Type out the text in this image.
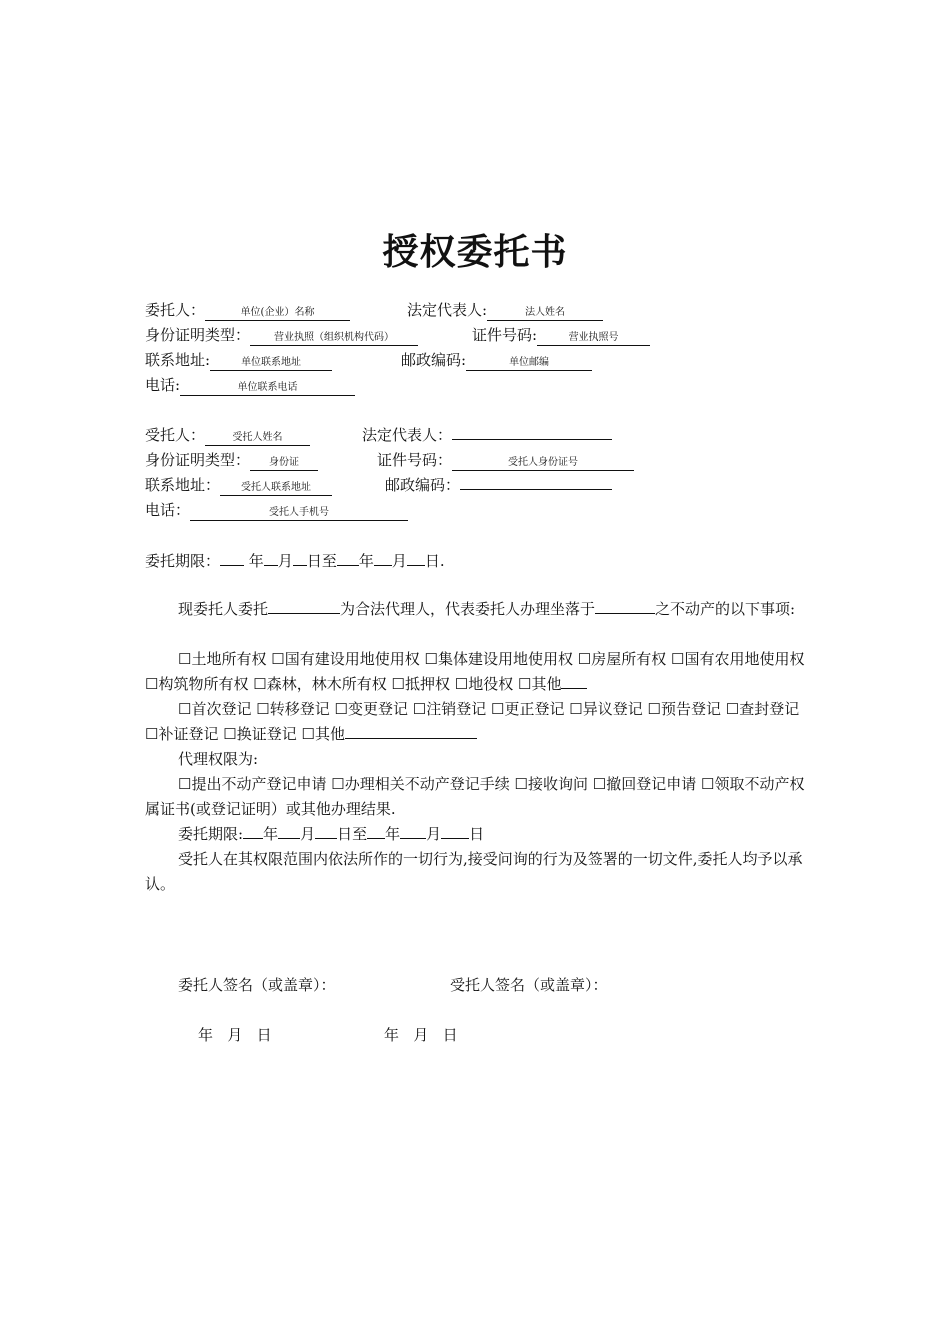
授权委托书
委托人：	单位(企业）名称	法定代表人:	法人姓名
身份证明类型： 营业执照（组织机构代码）	证件号码:	营业执照号
联系地址:	单位联系地址	邮政编码:	单位邮编
电话:	单位联系电话
受托人：	受托人姓名	法定代表人：
身份证明类型： 身份证	证件号码：	受托人身份证号
联系地址： 受托人联系地址	邮政编码：
电话：	受托人手机号
委托期限： 年 月 日至 年 月 日.
现委托人委托	为合法代理人，代表委托人办理坐落于	之不动产的以下事项:
☐土地所有权 ☐国有建设用地使用权 ☐集体建设用地使用权 ☐房屋所有权 ☐国有农用地使用权 ☐构筑物所有权 ☐森林，林木所有权 ☐抵押权 ☐地役权 ☐其他
☐首次登记 ☐转移登记 ☐变更登记 ☐注销登记 ☐更正登记 ☐异议登记 ☐预告登记 ☐查封登记 ☐补证登记 ☐换证登记 ☐其他
代理权限为:
☐提出不动产登记申请 ☐办理相关不动产登记手续 ☐接收询问 ☐撤回登记申请 ☐领取不动产权属证书(或登记证明）或其他办理结果.
委托期限: 年 月 日至 年 月 日
受托人在其权限范围内依法所作的一切行为,接受问询的行为及签署的一切文件,委托人均予以承认。
委托人签名（或盖章）：	受托人签名（或盖章）：
年 月 日	年 月 日
